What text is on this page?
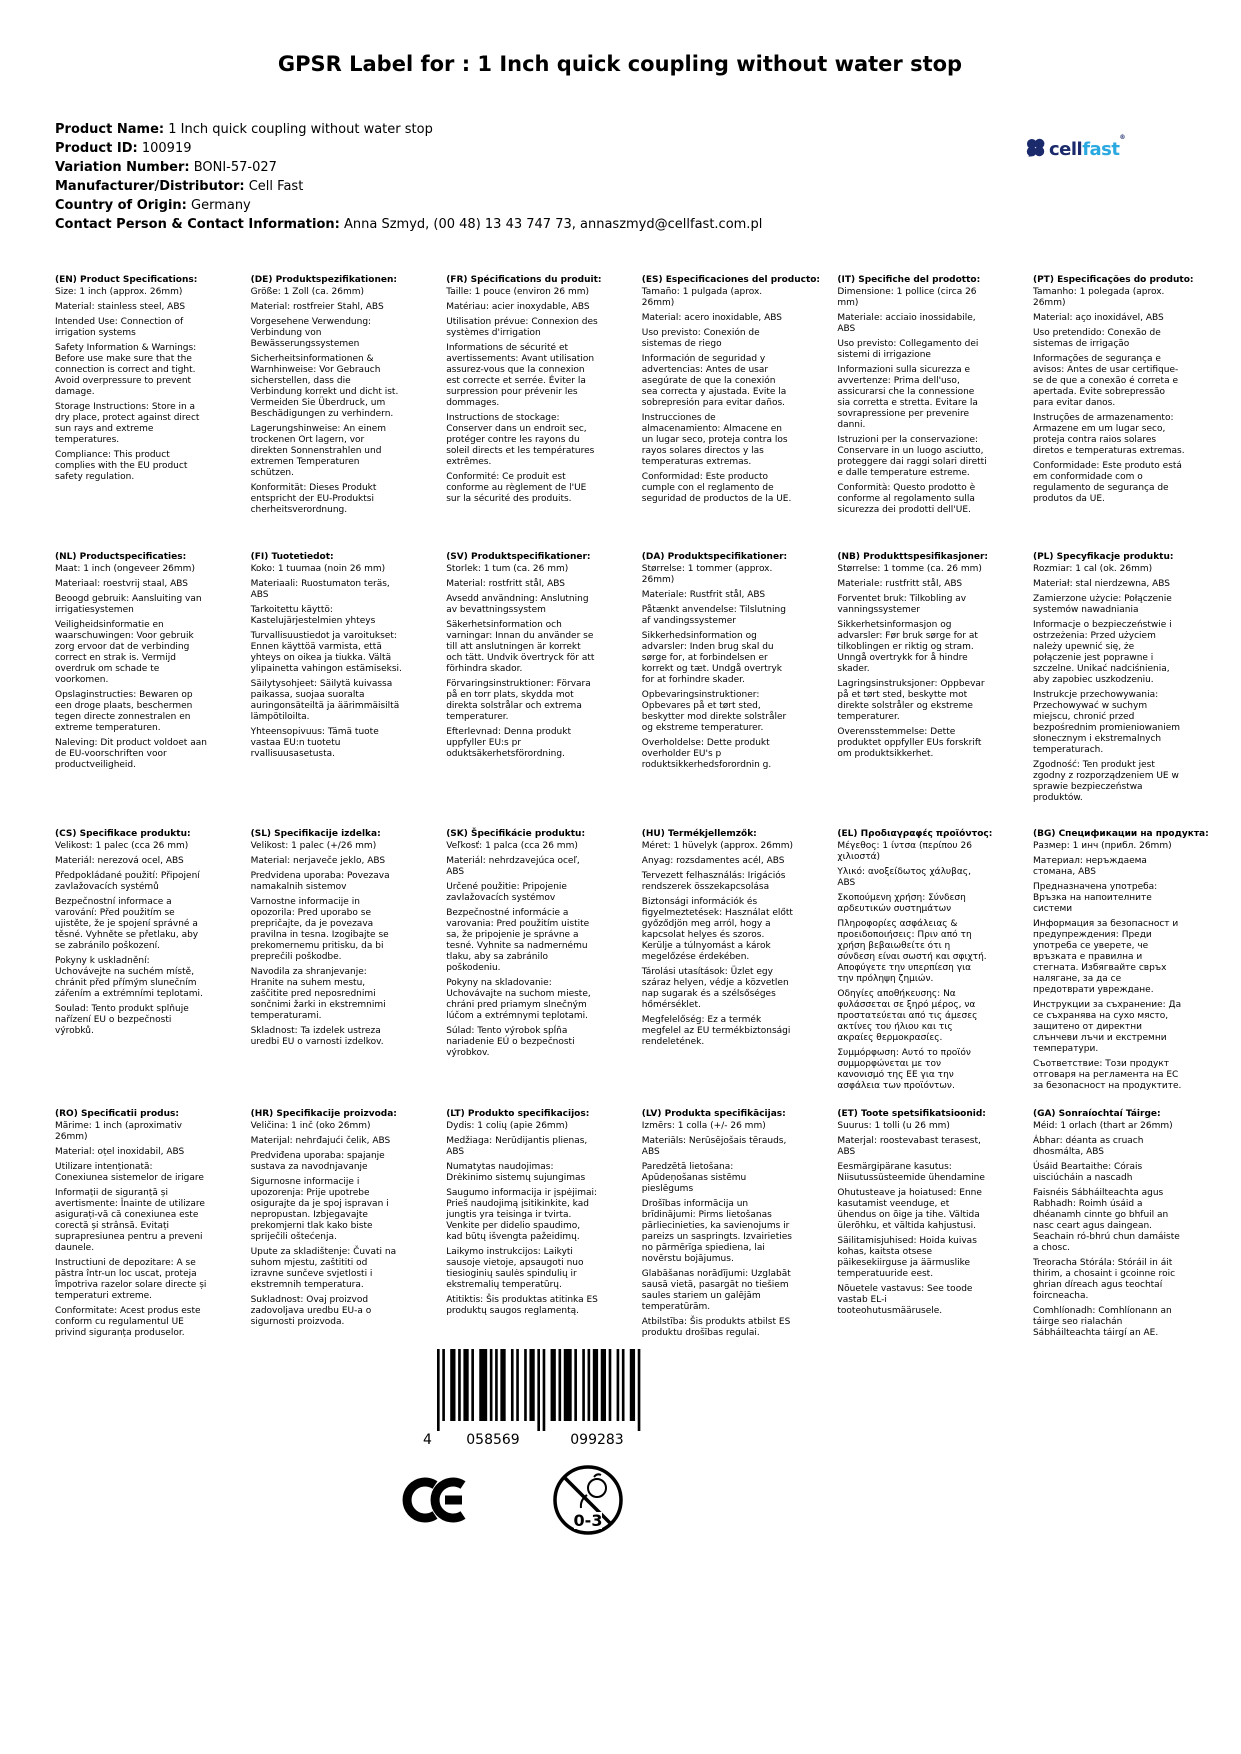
GPSR Label for : 1 Inch quick coupling without water stop
cellfast®
Product Name: 1 Inch quick coupling without water stop
Product ID: 100919
Variation Number: BONI-57-027
Manufacturer/Distributor: Cell Fast
Country of Origin: Germany
Contact Person & Contact Information: Anna Szmyd, (00 48) 13 43 747 73, annaszmyd@cellfast.com.pl
(EN) Product Specifications:

Size: 1 inch (approx. 26mm)

Material: stainless steel, ABS

Intended Use: Connection of irrigation systems

Safety Information & Warnings: Before use make sure that the connection is correct and tight. Avoid overpressure to prevent damage.

Storage Instructions: Store in a dry place, protect against direct sun rays and extreme temperatures.

Compliance: This product complies with the EU product safety regulation.

(DE) Produktspezifikationen:

Größe: 1 Zoll (ca. 26mm)

Material: rostfreier Stahl, ABS

Vorgesehene Verwendung: Verbindung von Bewässerungssystemen

Sicherheitsinformationen & Warnhinweise: Vor Gebrauch sicherstellen, dass die Verbindung korrekt und dicht ist. Vermeiden Sie Überdruck, um Beschädigungen zu verhindern.

Lagerungshinweise: An einem trockenen Ort lagern, vor direkten Sonnenstrahlen und extremen Temperaturen schützen.

Konformität: Dieses Produkt entspricht der EU-Produktsi cherheitsverordnung.

(FR) Spécifications du produit:

Taille: 1 pouce (environ 26 mm)

Matériau: acier inoxydable, ABS

Utilisation prévue: Connexion des systèmes d'irrigation

Informations de sécurité et avertissements: Avant utilisation assurez-vous que la connexion est correcte et serrée. Éviter la surpression pour prévenir les dommages.

Instructions de stockage: Conserver dans un endroit sec, protéger contre les rayons du soleil directs et les températures extrêmes.

Conformité: Ce produit est conforme au règlement de l'UE sur la sécurité des produits.

(ES) Especificaciones del producto:

Tamaño: 1 pulgada (aprox. 26mm)

Material: acero inoxidable, ABS

Uso previsto: Conexión de sistemas de riego

Información de seguridad y advertencias: Antes de usar asegúrate de que la conexión sea correcta y ajustada. Evite la sobrepresión para evitar daños.

Instrucciones de almacenamiento: Almacene en un lugar seco, proteja contra los rayos solares directos y las temperaturas extremas.

Conformidad: Este producto cumple con el reglamento de seguridad de productos de la UE.

(IT) Specifiche del prodotto:

Dimensione: 1 pollice (circa 26 mm)

Materiale: acciaio inossidabile, ABS

Uso previsto: Collegamento dei sistemi di irrigazione

Informazioni sulla sicurezza e avvertenze: Prima dell'uso, assicurarsi che la connessione sia corretta e stretta. Evitare la sovrapressione per prevenire danni.

Istruzioni per la conservazione: Conservare in un luogo asciutto, proteggere dai raggi solari diretti e dalle temperature estreme.

Conformità: Questo prodotto è conforme al regolamento sulla sicurezza dei prodotti dell'UE.

(PT) Especificações do produto:

Tamanho: 1 polegada (aprox. 26mm)

Material: aço inoxidável, ABS

Uso pretendido: Conexão de sistemas de irrigação

Informações de segurança e avisos: Antes de usar certifique-se de que a conexão é correta e apertada. Evite sobrepressão para evitar danos.

Instruções de armazenamento: Armazene em um lugar seco, proteja contra raios solares diretos e temperaturas extremas.

Conformidade: Este produto está em conformidade com o regulamento de segurança de produtos da UE.

(NL) Productspecificaties:

Maat: 1 inch (ongeveer 26mm)

Materiaal: roestvrij staal, ABS

Beoogd gebruik: Aansluiting van irrigatiesystemen

Veiligheidsinformatie en waarschuwingen: Voor gebruik zorg ervoor dat de verbinding correct en strak is. Vermijd overdruk om schade te voorkomen.

Opslaginstructies: Bewaren op een droge plaats, beschermen tegen directe zonnestralen en extreme temperaturen.

Naleving: Dit product voldoet aan de EU-voorschriften voor productveiligheid.

(FI) Tuotetiedot:

Koko: 1 tuumaa (noin 26 mm)

Materiaali: Ruostumaton teräs, ABS

Tarkoitettu käyttö: Kastelujärjestelmien yhteys

Turvallisuustiedot ja varoitukset: Ennen käyttöä varmista, että yhteys on oikea ja tiukka. Vältä ylipainetta vahingon estämiseksi.

Säilytysohjeet: Säilytä kuivassa paikassa, suojaa suoralta auringonsäteiltä ja äärimmäisiltä lämpötiloilta.

Yhteensopivuus: Tämä tuote vastaa EU:n tuotetu rvallisuusasetusta.

(SV) Produktspecifikationer:

Storlek: 1 tum (ca. 26 mm)

Material: rostfritt stål, ABS

Avsedd användning: Anslutning av bevattningssystem

Säkerhetsinformation och varningar: Innan du använder se till att anslutningen är korrekt och tätt. Undvik övertryck för att förhindra skador.

Förvaringsinstruktioner: Förvara på en torr plats, skydda mot direkta solstrålar och extrema temperaturer.

Efterlevnad: Denna produkt uppfyller EU:s pr oduktsäkerhetsförordning.

(DA) Produktspecifikationer:

Størrelse: 1 tommer (approx. 26mm)

Materiale: Rustfrit stål, ABS

Påtænkt anvendelse: Tilslutning af vandingssystemer

Sikkerhedsinformation og advarsler: Inden brug skal du sørge for, at forbindelsen er korrekt og tæt. Undgå overtryk for at forhindre skader.

Opbevaringsinstruktioner: Opbevares på et tørt sted, beskytter mod direkte solstråler og ekstreme temperaturer.

Overholdelse: Dette produkt overholder EU's p roduktsikkerhedsforordnin g.

(NB) Produkttspesifikasjoner:

Størrelse: 1 tomme (ca. 26 mm)

Materiale: rustfritt stål, ABS

Forventet bruk: Tilkobling av vanningssystemer

Sikkerhetsinformasjon og advarsler: Før bruk sørge for at tilkoblingen er riktig og stram. Unngå overtrykk for å hindre skader.

Lagringsinstruksjoner: Oppbevar på et tørt sted, beskytte mot direkte solstråler og ekstreme temperaturer.

Overensstemmelse: Dette produktet oppfyller EUs forskrift om produktsikkerhet.

(PL) Specyfikacje produktu:

Rozmiar: 1 cal (ok. 26mm)

Materiał: stal nierdzewna, ABS

Zamierzone użycie: Połączenie systemów nawadniania

Informacje o bezpieczeństwie i ostrzeżenia: Przed użyciem należy upewnić się, że połączenie jest poprawne i szczelne. Unikać nadciśnienia, aby zapobiec uszkodzeniu.

Instrukcje przechowywania: Przechowywać w suchym miejscu, chronić przed bezpośrednim promieniowaniem słonecznym i ekstremalnych temperaturach.

Zgodność: Ten produkt jest zgodny z rozporządzeniem UE w sprawie bezpieczeństwa produktów.

(CS) Specifikace produktu:

Velikost: 1 palec (cca 26 mm)

Materiál: nerezová ocel, ABS

Předpokládané použití: Připojení zavlažovacích systémů

Bezpečnostní informace a varování: Před použitím se ujistěte, že je spojení správné a těsné. Vyhněte se přetlaku, aby se zabránilo poškození.

Pokyny k uskladnění: Uchovávejte na suchém místě, chránit před přímým slunečním zářením a extrémními teplotami.

Soulad: Tento produkt splňuje nařízení EU o bezpečnosti výrobků.

(SL) Specifikacije izdelka:

Velikost: 1 palec (+/26 mm)

Material: nerjaveče jeklo, ABS

Predvidena uporaba: Povezava namakalnih sistemov

Varnostne informacije in opozorila: Pred uporabo se prepričajte, da je povezava pravilna in tesna. Izogibajte se prekomernemu pritisku, da bi preprečili poškodbe.

Navodila za shranjevanje: Hranite na suhem mestu, zaščitite pred neposrednimi sončnimi žarki in ekstremnimi temperaturami.

Skladnost: Ta izdelek ustreza uredbi EU o varnosti izdelkov.

(SK) Špecifikácie produktu:

Veľkosť: 1 palca (cca 26 mm)

Materiál: nehrdzavejúca oceľ, ABS

Určené použitie: Pripojenie zavlažovacích systémov

Bezpečnostné informácie a varovania: Pred použitím uistite sa, že pripojenie je správne a tesné. Vyhnite sa nadmernému tlaku, aby sa zabránilo poškodeniu.

Pokyny na skladovanie: Uchovávajte na suchom mieste, chráni pred priamym slnečným lúčom a extrémnymi teplotami.

Súlad: Tento výrobok spĺňa nariadenie EÚ o bezpečnosti výrobkov.

(HU) Termékjellemzők:

Méret: 1 hüvelyk (approx. 26mm)

Anyag: rozsdamentes acél, ABS

Tervezett felhasználás: Irigációs rendszerek összekapcsolása

Biztonsági információk és figyelmeztetések: Használat előtt győződjön meg arról, hogy a kapcsolat helyes és szoros. Kerülje a túlnyomást a károk megelőzése érdekében.

Tárolási utasítások: Üzlet egy száraz helyen, védje a közvetlen nap sugarak és a szélsőséges hőmérséklet.

Megfelelőség: Ez a termék megfelel az EU termékbiztonsági rendeletének.

(EL) Προδιαγραφές προϊόντος:

Μέγεθος: 1 ίντσα (περίπου 26 χιλιοστά)

Υλικό: ανοξείδωτος χάλυβας, ABS

Σκοπούμενη χρήση: Σύνδεση αρδευτικών συστημάτων

Πληροφορίες ασφάλειας & προειδοποιήσεις: Πριν από τη χρήση βεβαιωθείτε ότι η σύνδεση είναι σωστή και σφιχτή. Αποφύγετε την υπερπίεση για την πρόληψη ζημιών.

Οδηγίες αποθήκευσης: Να φυλάσσεται σε ξηρό μέρος, να προστατεύεται από τις άμεσες ακτίνες του ήλιου και τις ακραίες θερμοκρασίες.

Συμμόρφωση: Αυτό το προϊόν συμμορφώνεται με τον κανονισμό της ΕΕ για την ασφάλεια των προϊόντων.

(BG) Спецификации на продукта:

Размер: 1 инч (прибл. 26mm)

Материал: неръждаема стомана, ABS

Предназначена употреба: Връзка на напоителните системи

Информация за безопасност и предупреждения: Преди употреба се уверете, че връзката е правилна и стегната. Избягвайте свръх налягане, за да се предотврати увреждане.

Инструкции за съхранение: Да се съхранява на сухо място, защитено от директни слънчеви лъчи и екстремни температури.

Съответствие: Този продукт отговаря на регламента на ЕС за безопасност на продуктите.

(RO) Specificatii produs:

Mărime: 1 inch (aproximativ 26mm)

Material: oțel inoxidabil, ABS

Utilizare intenționată: Conexiunea sistemelor de irigare

Informații de siguranță și avertismente: Înainte de utilizare asigurați-vă că conexiunea este corectă și strânsă. Evitați suprapresiunea pentru a preveni daunele.

Instructiuni de depozitare: A se păstra într-un loc uscat, proteja împotriva razelor solare directe și temperaturi extreme.

Conformitate: Acest produs este conform cu regulamentul UE privind siguranța produselor.

(HR) Specifikacije proizvoda:

Veličina: 1 inč (oko 26mm)

Materijal: nehrđajući čelik, ABS

Predviđena uporaba: spajanje sustava za navodnjavanje

Sigurnosne informacije i upozorenja: Prije upotrebe osigurajte da je spoj ispravan i nepropustan. Izbjegavajte prekomjerni tlak kako biste spriječili oštećenja.

Upute za skladištenje: Čuvati na suhom mjestu, zaštititi od izravne sunčeve svjetlosti i ekstremnih temperatura.

Sukladnost: Ovaj proizvod zadovoljava uredbu EU-a o sigurnosti proizvoda.

(LT) Produkto specifikacijos:

Dydis: 1 colių (apie 26mm)

Medžiaga: Nerūdijantis plienas, ABS

Numatytas naudojimas: Drėkinimo sistemų sujungimas

Saugumo informacija ir įspėjimai: Prieš naudojimą įsitikinkite, kad jungtis yra teisinga ir tvirta. Venkite per didelio spaudimo, kad būtų išvengta pažeidimų.

Laikymo instrukcijos: Laikyti sausoje vietoje, apsaugoti nuo tiesioginių saulės spindulių ir ekstremalių temperatūrų.

Atitiktis: Šis produktas atitinka ES produktų saugos reglamentą.

(LV) Produkta specifikācijas:

Izmērs: 1 colla (+/- 26 mm)

Materiāls: Nerūsējošais tērauds, ABS

Paredzētā lietošana: Apūdeņošanas sistēmu pieslēgums

Drošības informācija un brīdinājumi: Pirms lietošanas pārliecinieties, ka savienojums ir pareizs un saspringts. Izvairieties no pārmērīga spiediena, lai novērstu bojājumus.

Glabāšanas norādījumi: Uzglabāt sausā vietā, pasargāt no tiešiem saules stariem un galējām temperatūrām.

Atbilstība: Šis produkts atbilst ES produktu drošības regulai.

(ET) Toote spetsifikatsioonid:

Suurus: 1 tolli (u 26 mm)

Materjal: roostevabast terasest, ABS

Eesmärgipärane kasutus: Niisutussüsteemide ühendamine

Ohutusteave ja hoiatused: Enne kasutamist veenduge, et ühendus on õige ja tihe. Vältida ülerõhku, et vältida kahjustusi.

Säilitamisjuhised: Hoida kuivas kohas, kaitsta otsese päikesekiirguse ja äärmuslike temperatuuride eest.

Nõuetele vastavus: See toode vastab EL-i tooteohutusmäärusele.

(GA) Sonraíochtaí Táirge:

Méid: 1 orlach (thart ar 26mm)

Ábhar: déanta as cruach dhosmálta, ABS

Úsáid Beartaithe: Córais uisciúcháin a nascadh

Faisnéis Sábháilteachta agus Rabhadh: Roimh úsáid a dhéanamh cinnte go bhfuil an nasc ceart agus daingean. Seachain ró-bhrú chun damáiste a chosc.

Treoracha Stórála: Stóráil in áit thirim, a chosaint i gcoinne roic ghrian díreach agus teochtaí foircneacha.

Comhlíonadh: Comhlíonann an táirge seo rialachán Sábháilteachta táirgí an AE.

4 058569	099283
0-3
